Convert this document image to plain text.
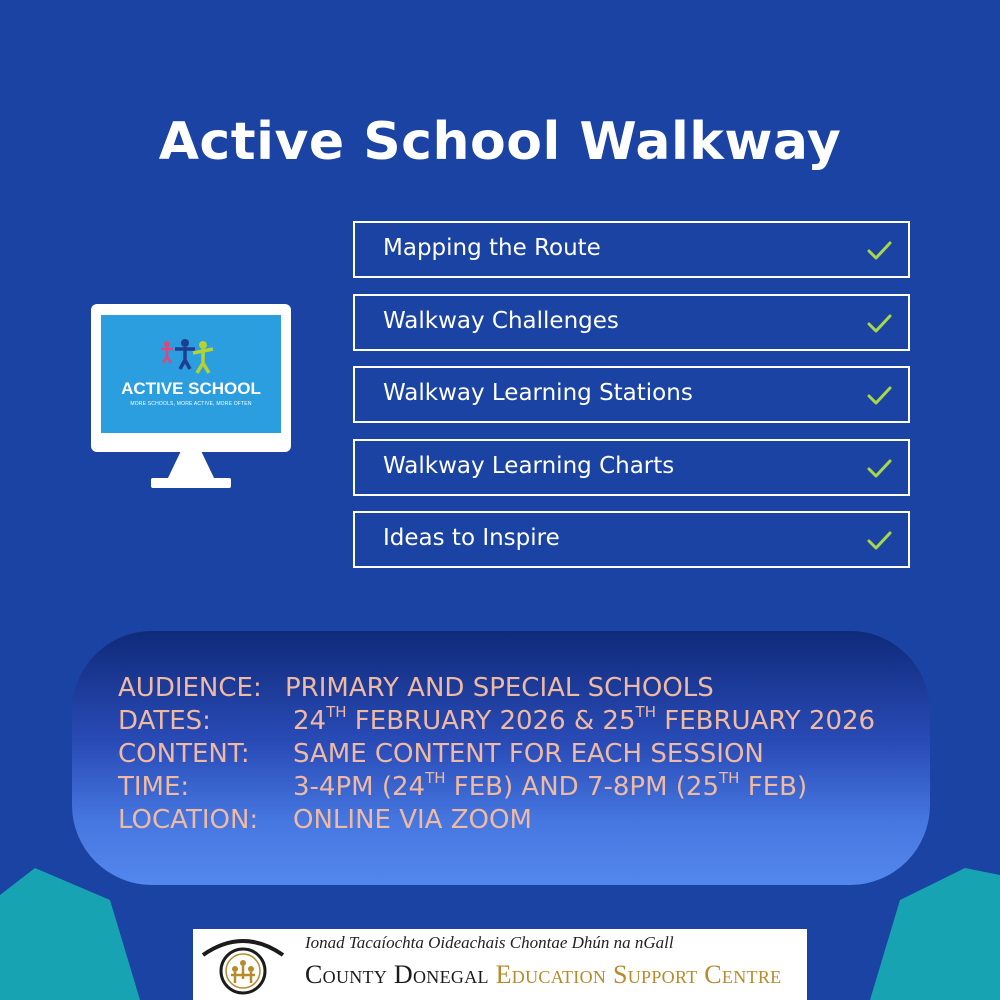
Active School Walkway
ACTIVE SCHOOL
MORE SCHOOLS, MORE ACTIVE, MORE OFTEN
Mapping the Route
Walkway Challenges
Walkway Learning Stations
Walkway Learning Charts
Ideas to Inspire
AUDIENCE: PRIMARY AND SPECIAL SCHOOLS
DATES:	24TH FEBRUARY 2026 & 25TH FEBRUARY 2026
CONTENT: SAME CONTENT FOR EACH SESSION
TIME:	3-4PM (24TH FEB) AND 7-8PM (25TH FEB)
LOCATION: ONLINE VIA ZOOM
Ionad Tacaíochta Oideachais Chontae Dhún na nGall
County Donegal Education Support Centre
